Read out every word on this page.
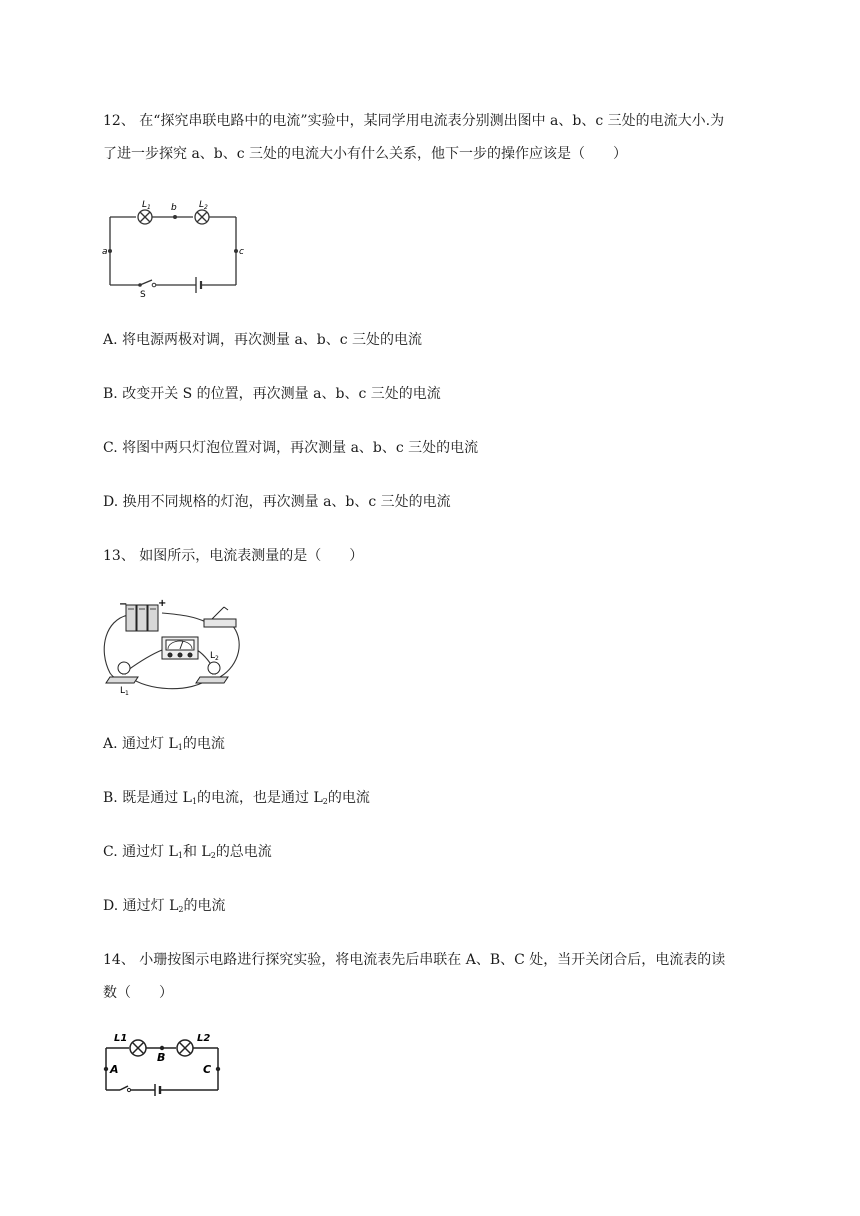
12、 在“探究串联电路中的电流”实验中，某同学用电流表分别测出图中 a、b、c 三处的电流大小.为
了进一步探究 a、b、c 三处的电流大小有什么关系，他下一步的操作应该是（　　）
$L_1$	$L_2$
b
a	c
S
A. 将电源两极对调，再次测量 a、b、c 三处的电流
B. 改变开关 S 的位置，再次测量 a、b、c 三处的电流
C. 将图中两只灯泡位置对调，再次测量 a、b、c 三处的电流
D. 换用不同规格的灯泡，再次测量 a、b、c 三处的电流
13、 如图所示，电流表测量的是（　　）
−	+
$L_1$
$L_2$
A. 通过灯 $L_1$的电流
B. 既是通过 $L_1$的电流，也是通过 $L_2$的电流
C. 通过灯 $L_1$和 $L_2$的总电流
D. 通过灯 $L_2$的电流
14、 小珊按图示电路进行探究实验，将电流表先后串联在 A、B、C 处，当开关闭合后，电流表的读
数（　　）
L1	L2
B
A	C
